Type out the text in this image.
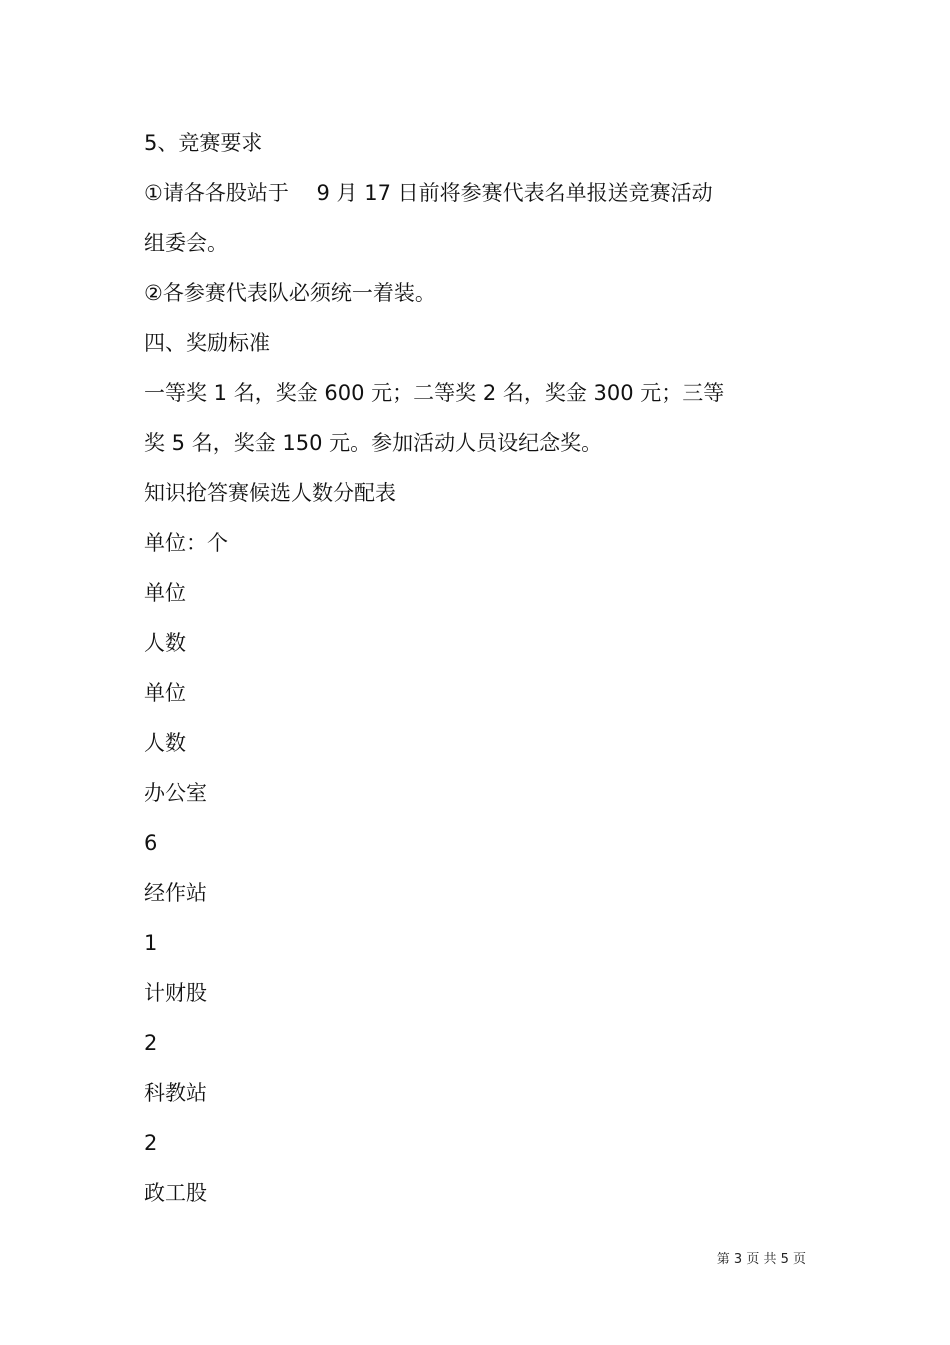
5、竞赛要求
①请各各股站于　 9 月 17 日前将参赛代表名单报送竞赛活动
组委会。
②各参赛代表队必须统一着装。
四、奖励标准
一等奖 1 名，奖金 600 元；二等奖 2 名，奖金 300 元；三等
奖 5 名，奖金 150 元。参加活动人员设纪念奖。
知识抢答赛候选人数分配表
单位：个
单位
人数
单位
人数
办公室
6
经作站
1
计财股
2
科教站
2
政工股
第 3 页 共 5 页
